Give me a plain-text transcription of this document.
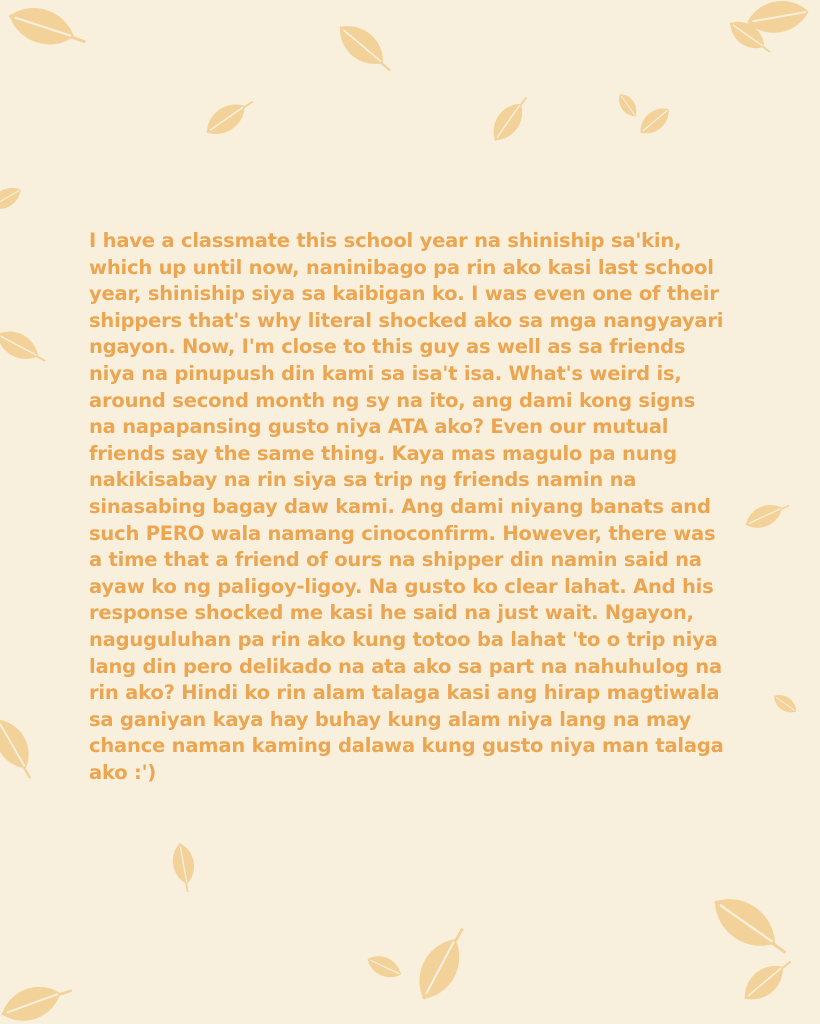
I have a classmate this school year na shiniship sa'kin,
which up until now, naninibago pa rin ako kasi last school
year, shiniship siya sa kaibigan ko. I was even one of their
shippers that's why literal shocked ako sa mga nangyayari
ngayon. Now, I'm close to this guy as well as sa friends
niya na pinupush din kami sa isa't isa. What's weird is,
around second month ng sy na ito, ang dami kong signs
na napapansing gusto niya ATA ako? Even our mutual
friends say the same thing. Kaya mas magulo pa nung
nakikisabay na rin siya sa trip ng friends namin na
sinasabing bagay daw kami. Ang dami niyang banats and
such PERO wala namang cinoconfirm. However, there was
a time that a friend of ours na shipper din namin said na
ayaw ko ng paligoy-ligoy. Na gusto ko clear lahat. And his
response shocked me kasi he said na just wait. Ngayon,
naguguluhan pa rin ako kung totoo ba lahat 'to o trip niya
lang din pero delikado na ata ako sa part na nahuhulog na
rin ako? Hindi ko rin alam talaga kasi ang hirap magtiwala
sa ganiyan kaya hay buhay kung alam niya lang na may
chance naman kaming dalawa kung gusto niya man talaga
ako :')
